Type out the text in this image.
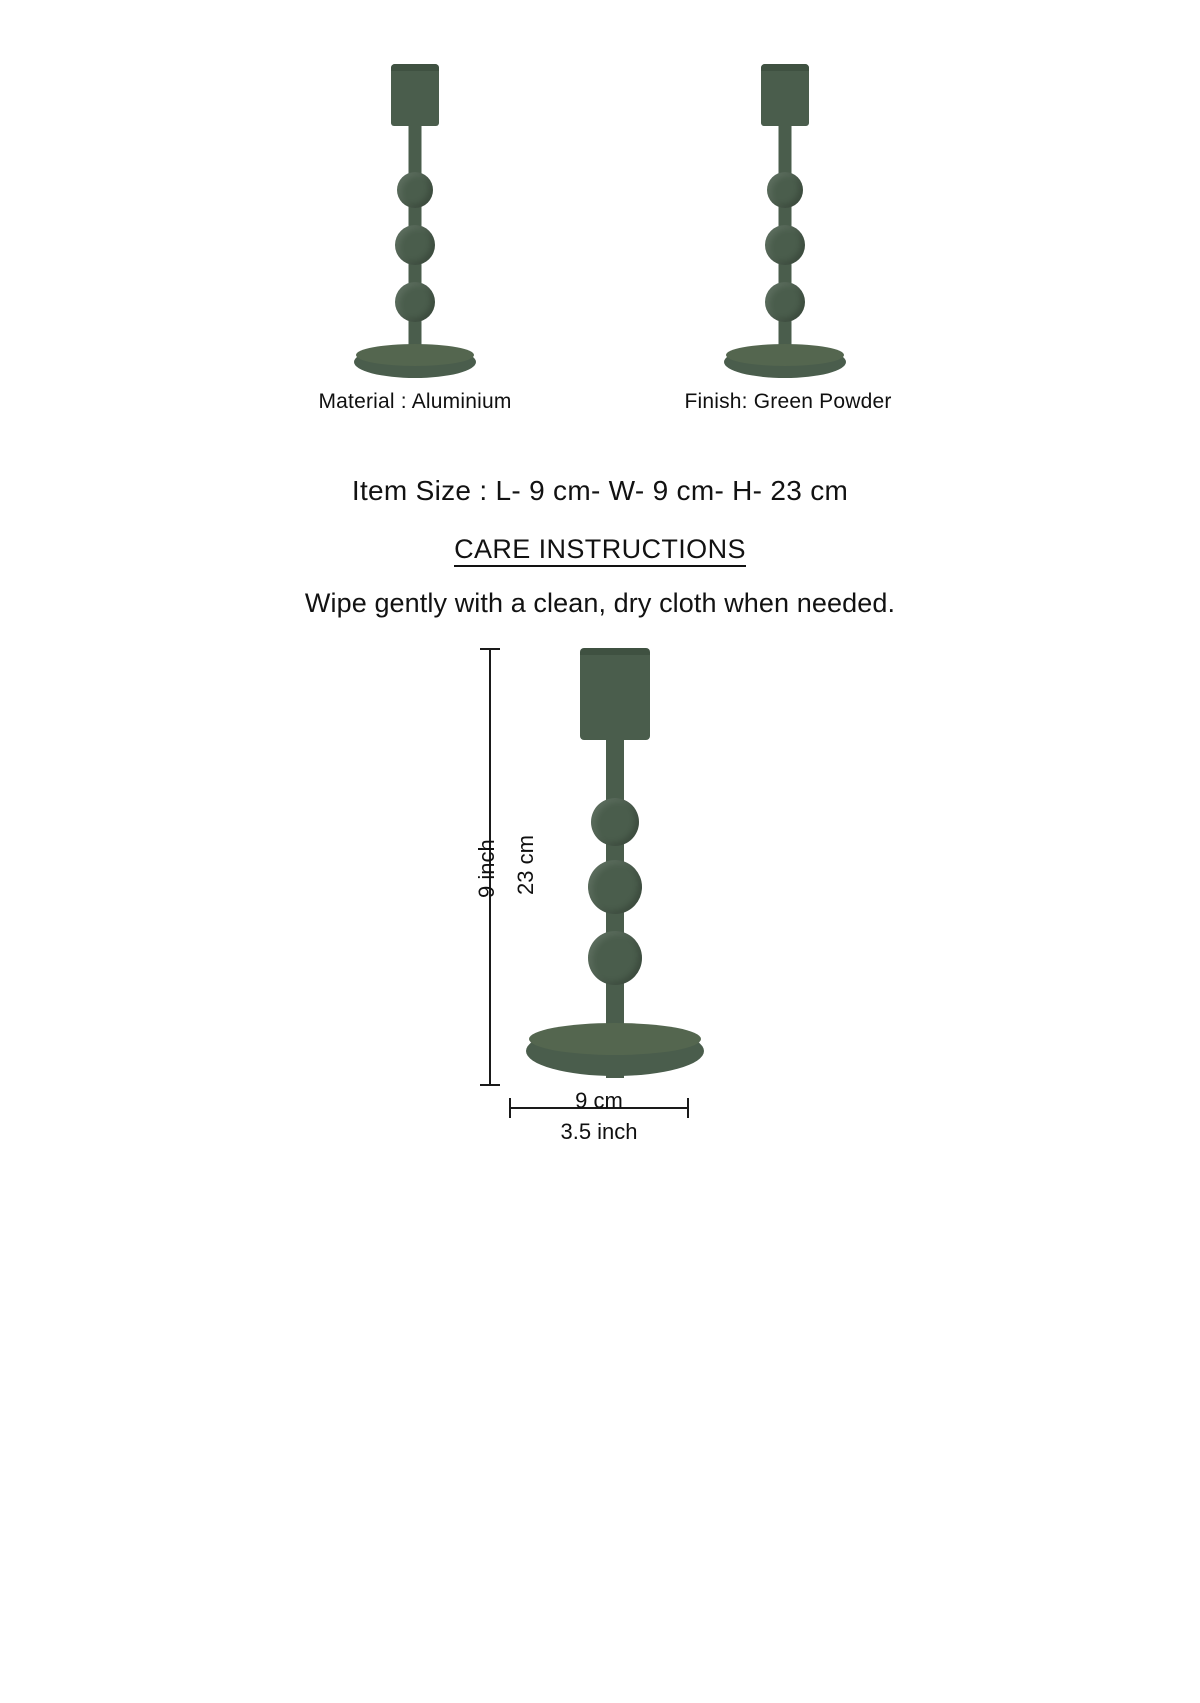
Material : Aluminium	Finish: Green Powder
Item Size : L- 9 cm- W- 9 cm- H- 23 cm
CARE INSTRUCTIONS
Wipe gently with a clean, dry cloth when needed.
23 cm
9 inch
9 cm
3.5 inch
